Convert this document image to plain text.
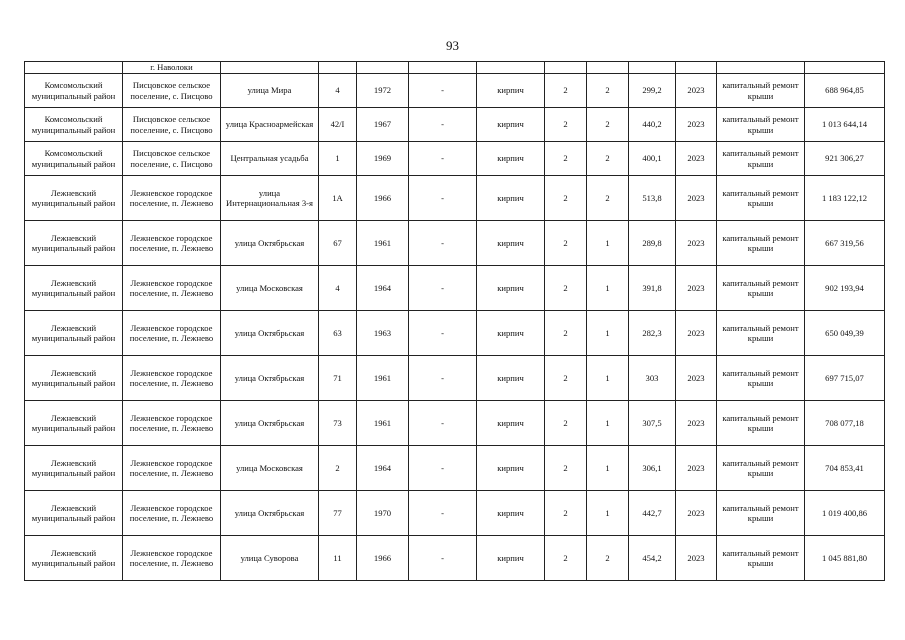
93
	г. Наволоки											
Комсомольский муниципальный район	Писцовское сельское поселение, с. Писцово	улица Мира	4	1972	-	кирпич	2	2	299,2	2023	капитальный ремонт крыши	688 964,85
Комсомольский муниципальный район	Писцовское сельское поселение, с. Писцово	улица Красноармейская	42/I	1967	-	кирпич	2	2	440,2	2023	капитальный ремонт крыши	1 013 644,14
Комсомольский муниципальный район	Писцовское сельское поселение, с. Писцово	Центральная усадьба	1	1969	-	кирпич	2	2	400,1	2023	капитальный ремонт крыши	921 306,27
Лежневский муниципальный район	Лежневское городское поселение, п. Лежнево	улица Интернациональная 3-я	1А	1966	-	кирпич	2	2	513,8	2023	капитальный ремонт крыши	1 183 122,12
Лежневский муниципальный район	Лежневское городское поселение, п. Лежнево	улица Октябрьская	67	1961	-	кирпич	2	1	289,8	2023	капитальный ремонт крыши	667 319,56
Лежневский муниципальный район	Лежневское городское поселение, п. Лежнево	улица Московская	4	1964	-	кирпич	2	1	391,8	2023	капитальный ремонт крыши	902 193,94
Лежневский муниципальный район	Лежневское городское поселение, п. Лежнево	улица Октябрьская	63	1963	-	кирпич	2	1	282,3	2023	капитальный ремонт крыши	650 049,39
Лежневский муниципальный район	Лежневское городское поселение, п. Лежнево	улица Октябрьская	71	1961	-	кирпич	2	1	303	2023	капитальный ремонт крыши	697 715,07
Лежневский муниципальный район	Лежневское городское поселение, п. Лежнево	улица Октябрьская	73	1961	-	кирпич	2	1	307,5	2023	капитальный ремонт крыши	708 077,18
Лежневский муниципальный район	Лежневское городское поселение, п. Лежнево	улица Московская	2	1964	-	кирпич	2	1	306,1	2023	капитальный ремонт крыши	704 853,41
Лежневский муниципальный район	Лежневское городское поселение, п. Лежнево	улица Октябрьская	77	1970	-	кирпич	2	1	442,7	2023	капитальный ремонт крыши	1 019 400,86
Лежневский муниципальный район	Лежневское городское поселение, п. Лежнево	улица Суворова	11	1966	-	кирпич	2	2	454,2	2023	капитальный ремонт крыши	1 045 881,80
